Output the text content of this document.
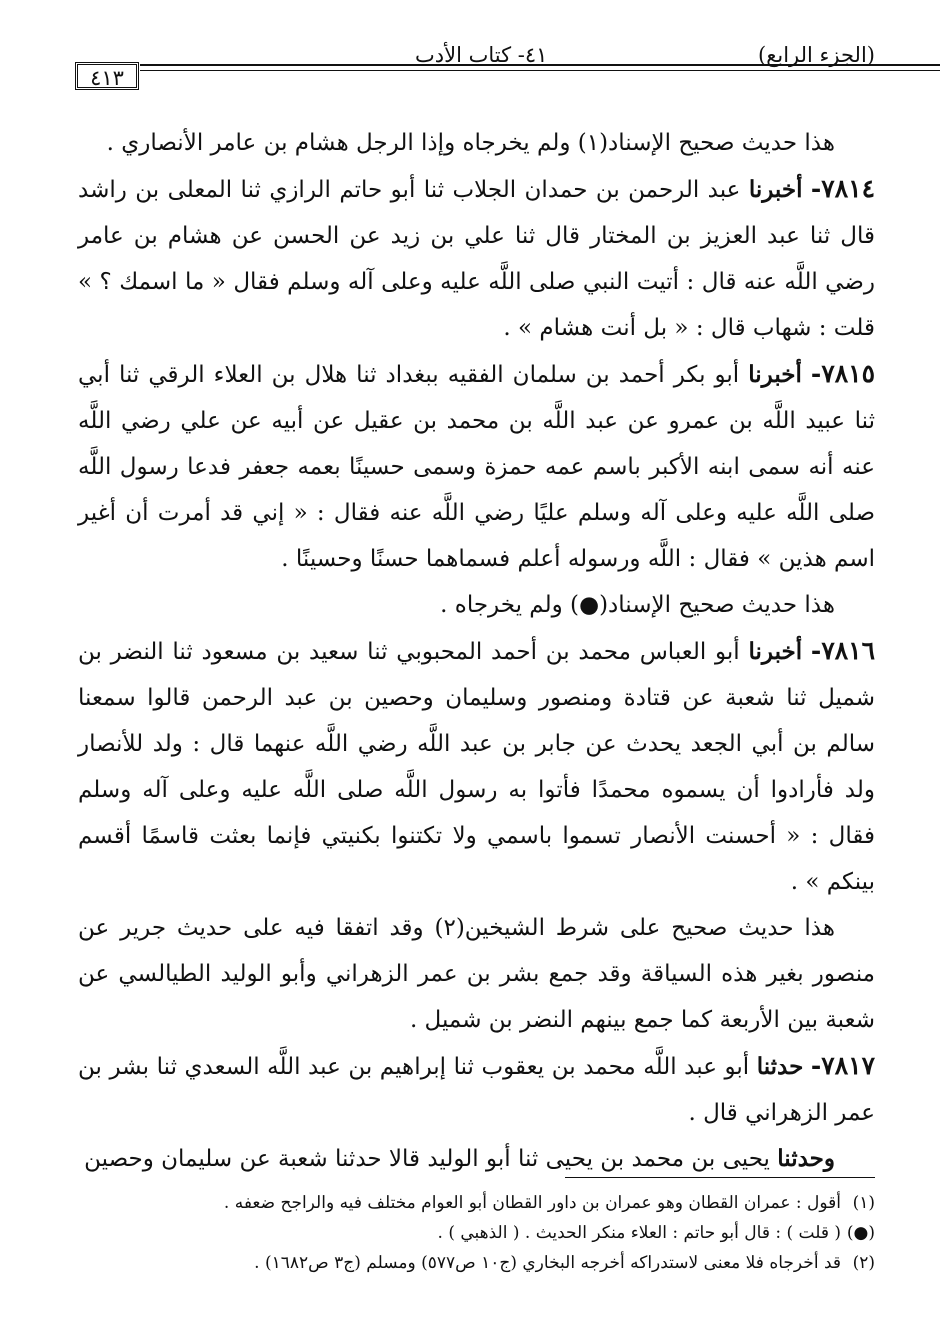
(الجزء الرابع)
٤١- كتاب الأدب
٤١٣

هذا حديث صحيح الإسناد(١) ولم يخرجاه وإذا الرجل هشام بن عامر الأنصاري .

٧٨١٤- أخبرنا عبد الرحمن بن حمدان الجلاب ثنا أبو حاتم الرازي ثنا المعلى بن راشد قال ثنا عبد العزيز بن المختار قال ثنا علي بن زيد عن الحسن عن هشام بن عامر رضي اللَّه عنه قال : أتيت النبي صلى اللَّه عليه وعلى آله وسلم فقال « ما اسمك ؟ » قلت : شهاب قال : « بل أنت هشام » .

٧٨١٥- أخبرنا أبو بكر أحمد بن سلمان الفقيه ببغداد ثنا هلال بن العلاء الرقي ثنا أبي ثنا عبيد اللَّه بن عمرو عن عبد اللَّه بن محمد بن عقيل عن أبيه عن علي رضي اللَّه عنه أنه سمى ابنه الأكبر باسم عمه حمزة وسمى حسينًا بعمه جعفر فدعا رسول اللَّه صلى اللَّه عليه وعلى آله وسلم عليًا رضي اللَّه عنه فقال : « إني قد أمرت أن أغير اسم هذين » فقال : اللَّه ورسوله أعلم فسماهما حسنًا وحسينًا .

هذا حديث صحيح الإسناد(●) ولم يخرجاه .

٧٨١٦- أخبرنا أبو العباس محمد بن أحمد المحبوبي ثنا سعيد بن مسعود ثنا النضر بن شميل ثنا شعبة عن قتادة ومنصور وسليمان وحصين بن عبد الرحمن قالوا سمعنا سالم بن أبي الجعد يحدث عن جابر بن عبد اللَّه رضي اللَّه عنهما قال : ولد للأنصار ولد فأرادوا أن يسموه محمدًا فأتوا به رسول اللَّه صلى اللَّه عليه وعلى آله وسلم فقال : « أحسنت الأنصار تسموا باسمي ولا تكتنوا بكنيتي فإنما بعثت قاسمًا أقسم بينكم » .

هذا حديث صحيح على شرط الشيخين(٢) وقد اتفقا فيه على حديث جرير عن منصور بغير هذه السياقة وقد جمع بشر بن عمر الزهراني وأبو الوليد الطيالسي عن شعبة بين الأربعة كما جمع بينهم النضر بن شميل .

٧٨١٧- حدثنا أبو عبد اللَّه محمد بن يعقوب ثنا إبراهيم بن عبد اللَّه السعدي ثنا بشر بن عمر الزهراني قال .

وحدثنا يحيى بن محمد بن يحيى ثنا أبو الوليد قالا حدثنا شعبة عن سليمان وحصين

(١)أقول : عمران القطان وهو عمران بن داور القطان أبو العوام مختلف فيه والراجح ضعفه .

(●)( قلت ) : قال أبو حاتم : العلاء منكر الحديث . ( الذهبي ) .

(٢)قد أخرجاه فلا معنى لاستدراكه أخرجه البخاري (ج١٠ ص٥٧٧) ومسلم (ج٣ ص١٦٨٢) .
